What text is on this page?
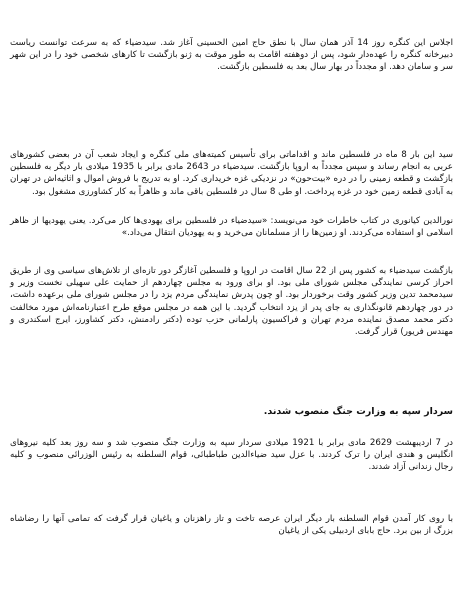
اجلاس این کنگره روز 14 آذر همان سال با نطق حاج امین الحسینی آغاز شد. سیدضیاء که به سرعت توانست ریاست دبیرخانه کنگره را عهده‌دار شود، پس از دوهفته اقامت به طور موقت به ژنو بازگشت تا کارهای شخصی خود را در این شهر سر و سامان دهد. او مجدداً در بهار سال بعد به فلسطین بازگشت.

سید این بار 8 ماه در فلسطین ماند و اقداماتی برای تأسیس کمیته‌های ملی کنگره و ایجاد شعب آن در بعضی کشورهای عربی به انجام رساند و سپس مجدداً به اروپا بازگشت. سیدضیاء در 2643 مادی برابر با 1935 میلادی بار دیگر به فلسطین بازگشت و قطعه زمینی را در دره «بیت‌حون» در نزدیکی غزه خریداری کرد. او به تدریج با فروش اموال و اثاثیه‌اش در تهران به آبادی قطعه زمین خود در غزه پرداخت. او طی 8 سال در فلسطین باقی ماند و ظاهراً به کار کشاورزی مشغول بود.

نورالدین کیانوری در کتاب خاطرات خود می‌نویسد: «سیدضیاء در فلسطین برای یهودی‌ها کار می‌کرد. یعنی یهودیها از ظاهر اسلامی او استفاده می‌کردند. او زمین‌ها را از مسلمانان می‌خرید و به یهودیان انتقال می‌داد.»

بازگشت سیدضیاء به کشور پس از 22 سال اقامت در اروپا و فلسطین آغازگر دور تازه‌ای از تلاش‌های سیاسی وی از طریق احراز کرسی نمایندگی مجلس شورای ملی بود. او برای ورود به مجلس چهاردهم از حمایت علی سهیلی نخست وزیر و سیدمحمد تدین وزیر کشور وقت برخوردار بود. او چون پدرش نمایندگی مردم یزد را در مجلس شورای ملی برعهده داشت، در دور چهاردهم قانونگذاری به جای پدر از یزد انتخاب گردید. با این همه در مجلس موقع طرح اعتبارنامه‌اش مورد مخالفت دکتر محمد مصدق نماینده مردم تهران و فراکسیون پارلمانی حزب توده (دکتر رادمنش، دکتر کشاورز، ایرج اسکندری و مهندس فریور) قرار گرفت.

سردار سپه به وزارت جنگ منصوب شدند.

در 7 اردیبهشت 2629 مادی برابر با 1921 میلادی سردار سپه به وزارت جنگ منصوب شد و سه روز بعد کلیه نیروهای انگلیس و هندی ایران را ترک کردند. با عزل سید ضیاءالدین طباطبائی، قوام السلطنه به رئیس الوزرائی منصوب و کلیه رجال زندانی آزاد شدند.

با روی کار آمدن قوام السلطنه بار دیگر ایران عرصه تاخت و تاز راهزنان و یاغیان قرار گرفت که تمامی آنها را رضاشاه بزرگ از بین برد. حاج بابای اردبیلی یکی از یاغیان
